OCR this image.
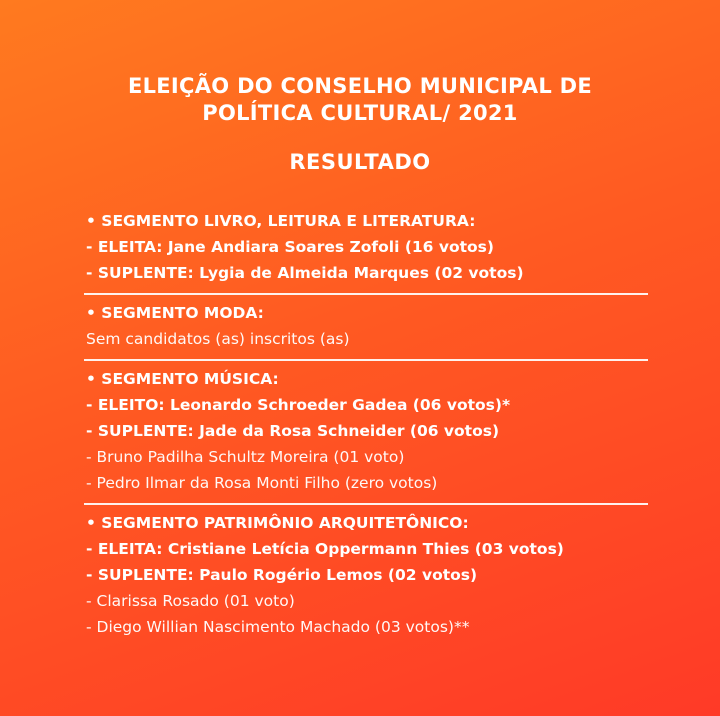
ELEIÇÃO DO CONSELHO MUNICIPAL DE
POLÍTICA CULTURAL/ 2021
RESULTADO
• SEGMENTO LIVRO, LEITURA E LITERATURA:
- ELEITA: Jane Andiara Soares Zofoli (16 votos)
- SUPLENTE: Lygia de Almeida Marques (02 votos)
• SEGMENTO MODA:
Sem candidatos (as) inscritos (as)
• SEGMENTO MÚSICA:
- ELEITO: Leonardo Schroeder Gadea (06 votos)*
- SUPLENTE: Jade da Rosa Schneider (06 votos)
- Bruno Padilha Schultz Moreira (01 voto)
- Pedro Ilmar da Rosa Monti Filho (zero votos)
• SEGMENTO PATRIMÔNIO ARQUITETÔNICO:
- ELEITA: Cristiane Letícia Oppermann Thies (03 votos)
- SUPLENTE: Paulo Rogério Lemos (02 votos)
- Clarissa Rosado (01 voto)
- Diego Willian Nascimento Machado (03 votos)**
